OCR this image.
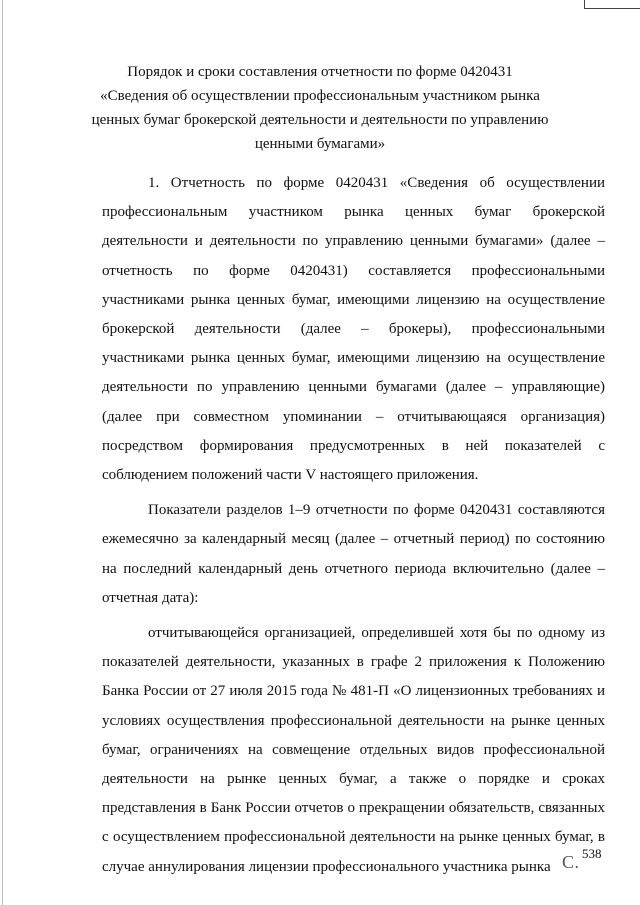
Порядок и сроки составления отчетности по форме 0420431
«Сведения об осуществлении профессиональным участником рынка
ценных бумаг брокерской деятельности и деятельности по управлению
ценными бумагами»

1. Отчетность по форме 0420431 «Сведения об осуществлении профессиональным участником рынка ценных бумаг брокерской деятельности и деятельности по управлению ценными бумагами» (далее – отчетность по форме 0420431) составляется профессиональными участниками рынка ценных бумаг, имеющими лицензию на осуществление брокерской деятельности (далее – брокеры), профессиональными участниками рынка ценных бумаг, имеющими лицензию на осуществление деятельности по управлению ценными бумагами (далее – управляющие) (далее при совместном упоминании – отчитывающаяся организация) посредством формирования предусмотренных в ней показателей с соблюдением положений части V настоящего приложения.

Показатели разделов 1–9 отчетности по форме 0420431 составляются ежемесячно за календарный месяц (далее – отчетный период) по состоянию на последний календарный день отчетного периода включительно (далее – отчетная дата):

отчитывающейся организацией, определившей хотя бы по одному из показателей деятельности, указанных в графе 2 приложения к Положению Банка России от 27 июля 2015 года № 481-П «О лицензионных требованиях и условиях осуществления профессиональной деятельности на рынке ценных бумаг, ограничениях на совмещение отдельных видов профессиональной деятельности на рынке ценных бумаг, а также о порядке и сроках представления в Банк России отчетов о прекращении обязательств, связанных с осуществлением профессиональной деятельности на рынке ценных бумаг, в случае аннулирования лицензии профессионального участника рынка C . 538
